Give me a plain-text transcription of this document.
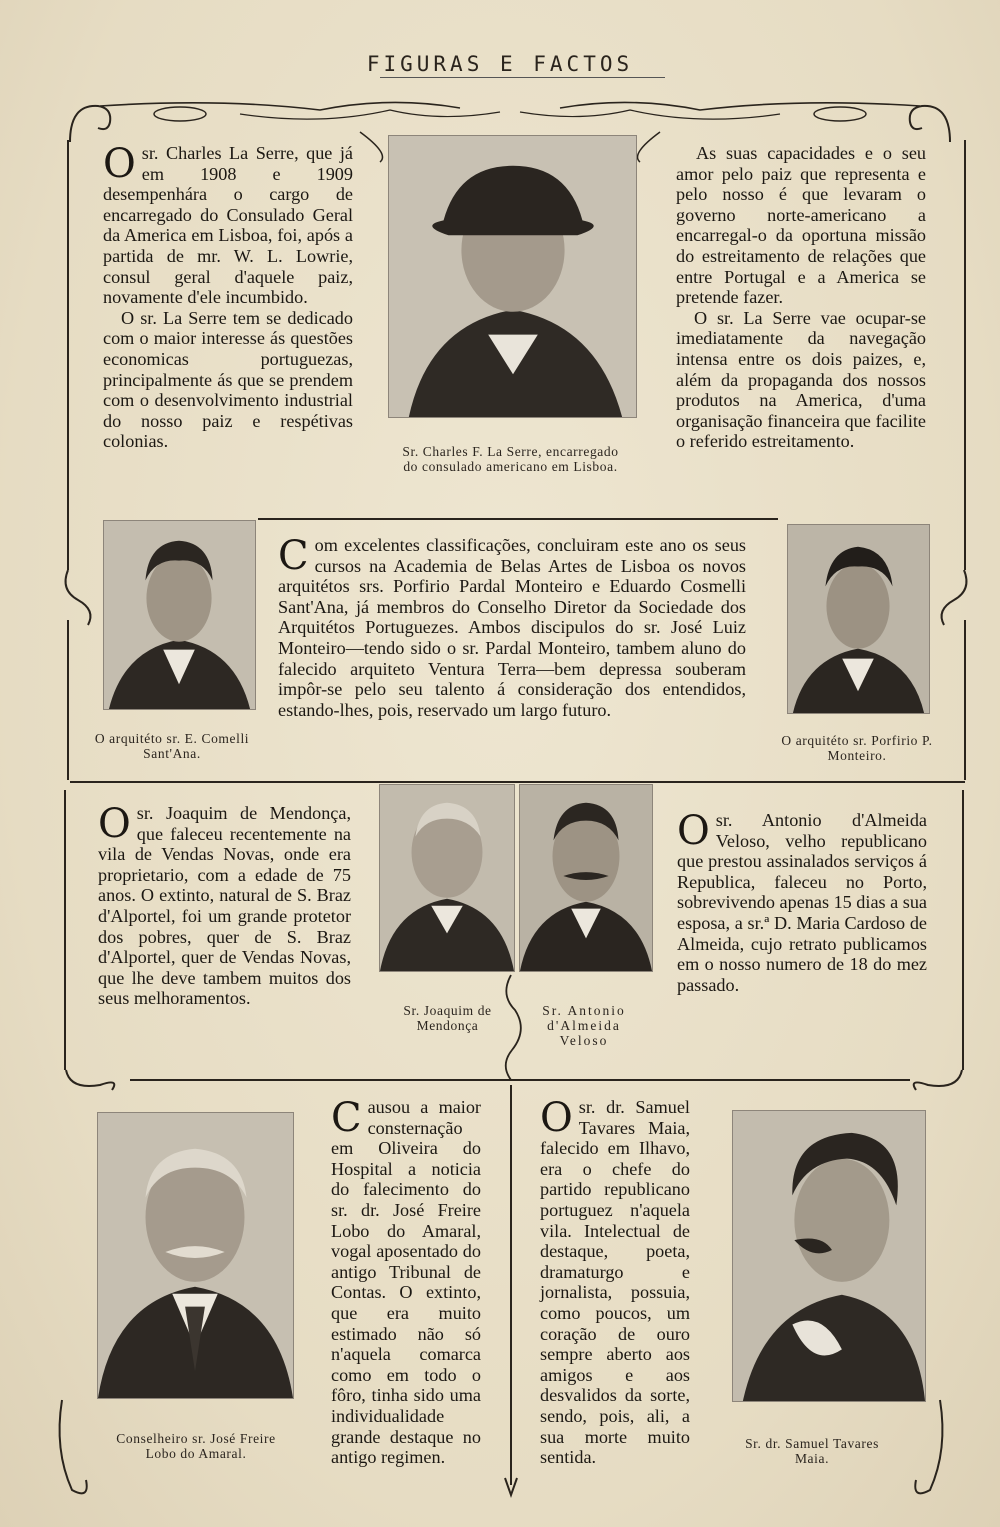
FIGURAS E FACTOS
O sr. Charles La Serre, que já em 1908 e 1909 desempenhára o cargo de encarregado do Consulado Geral da America em Lisboa, foi, após a partida de mr. W. L. Lowrie, consul geral d'aquele paiz, novamente d'ele incumbido.

O sr. La Serre tem se dedicado com o maior interesse ás questões economicas portuguezas, principalmente ás que se prendem com o desenvolvimento industrial do nosso paiz e respétivas colonias.

Sr. Charles F. La Serre, encarregado do consulado americano em Lisboa.

As suas capacidades e o seu amor pelo paiz que representa e pelo nosso é que levaram o governo norte-americano a encarregal-o da oportuna missão do estreitamento de relações que entre Portugal e a America se pretende fazer.

O sr. La Serre vae ocupar-se imediatamente da navegação intensa entre os dois paizes, e, além da propaganda dos nossos produtos na America, d'uma organisação financeira que facilite o referido estreitamento.

O arquitéto sr. E. Comelli Sant'Ana.
C om excelentes classificações, concluiram este ano os seus cursos na Academia de Belas Artes de Lisboa os novos arquitétos srs. Porfirio Pardal Monteiro e Eduardo Cosmelli Sant'Ana, já membros do Conselho Diretor da Sociedade dos Arquitétos Portuguezes. Ambos discipulos do sr. José Luiz Monteiro—tendo sido o sr. Pardal Monteiro, tambem aluno do falecido arquiteto Ventura Terra—bem depressa souberam impôr-se pelo seu talento á consideração dos entendidos, estando-lhes, pois, reservado um largo futuro.

O arquitéto sr. Porfirio P. Monteiro.
O sr. Joaquim de Mendonça, que faleceu recentemente na vila de Vendas Novas, onde era proprietario, com a edade de 75 anos. O extinto, natural de S. Braz d'Alportel, foi um grande protetor dos pobres, quer de S. Braz d'Alportel, quer de Vendas Novas, que lhe deve tambem muitos dos seus melhoramentos.

Sr. Joaquim de Mendonça
Sr. Antonio d'Almeida Veloso
O sr. Antonio d'Almeida Veloso, velho republicano que prestou assinalados serviços á Republica, faleceu no Porto, sobrevivendo apenas 15 dias a sua esposa, a sr.ª D. Maria Cardoso de Almeida, cujo retrato publicamos em o nosso numero de 18 do mez passado.

Conselheiro sr. José Freire Lobo do Amaral.
C ausou a maior consternação em Oliveira do Hospital a noticia do falecimento do sr. dr. José Freire Lobo do Amaral, vogal aposentado do antigo Tribunal de Contas. O extinto, que era muito estimado não só n'aquela comarca como em todo o fôro, tinha sido uma individualidade grande destaque no antigo regimen.

O sr. dr. Samuel Tavares Maia, falecido em Ilhavo, era o chefe do partido republicano portuguez n'aquela vila. Intelectual de destaque, poeta, dramaturgo e jornalista, possuia, como poucos, um coração de ouro sempre aberto aos amigos e aos desvalidos da sorte, sendo, pois, ali, a sua morte muito sentida.

Sr. dr. Samuel Tavares Maia.
